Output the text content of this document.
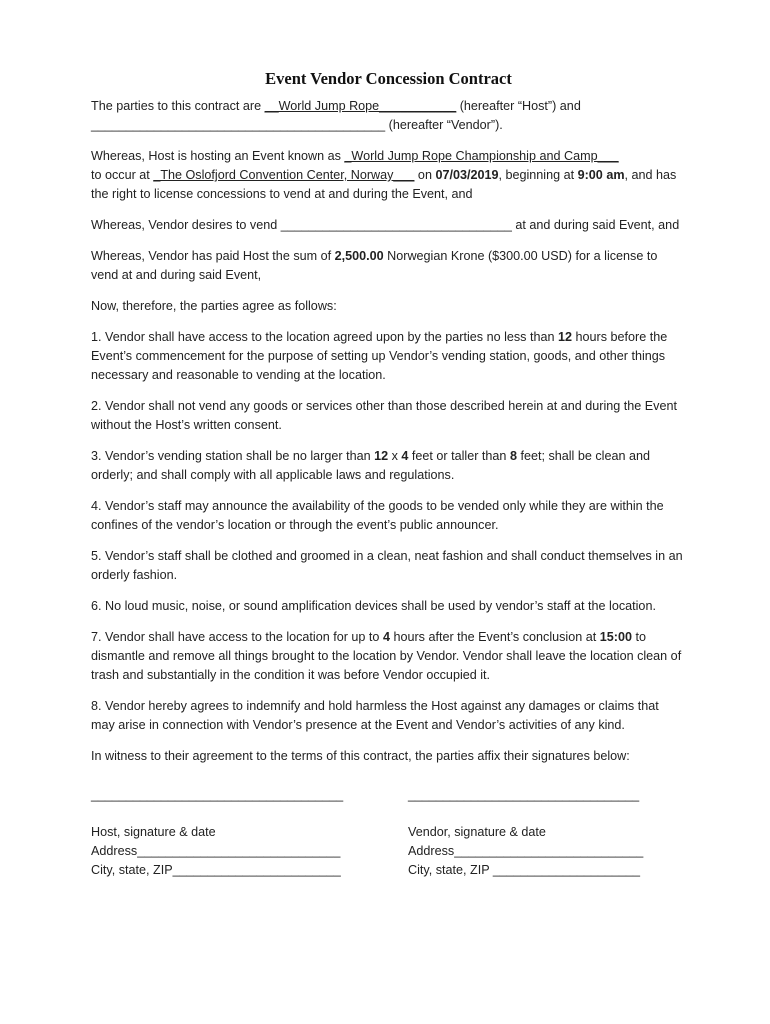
Event Vendor Concession Contract

The parties to this contract are __World Jump Rope___________ (hereafter “Host”) and
__________________________________________ (hereafter “Vendor”).

Whereas, Host is hosting an Event known as _World Jump Rope Championship and Camp___
to occur at _The Oslofjord Convention Center, Norway___ on 07/03/2019, beginning at 9:00 am, and has the right to license concessions to vend at and during the Event, and

Whereas, Vendor desires to vend _________________________________ at and during said Event, and

Whereas, Vendor has paid Host the sum of 2,500.00 Norwegian Krone ($300.00 USD) for a license to vend at and during said Event,

Now, therefore, the parties agree as follows:

1. Vendor shall have access to the location agreed upon by the parties no less than 12 hours before the Event’s commencement for the purpose of setting up Vendor’s vending station, goods, and other things necessary and reasonable to vending at the location.

2. Vendor shall not vend any goods or services other than those described herein at and during the Event without the Host’s written consent.

3. Vendor’s vending station shall be no larger than 12 x 4 feet or taller than 8 feet; shall be clean and orderly; and shall comply with all applicable laws and regulations.

4. Vendor’s staff may announce the availability of the goods to be vended only while they are within the confines of the vendor’s location or through the event’s public announcer.

5. Vendor’s staff shall be clothed and groomed in a clean, neat fashion and shall conduct themselves in an orderly fashion.

6. No loud music, noise, or sound amplification devices shall be used by vendor’s staff at the location.

7. Vendor shall have access to the location for up to 4 hours after the Event’s conclusion at 15:00 to dismantle and remove all things brought to the location by Vendor. Vendor shall leave the location clean of trash and substantially in the condition it was before Vendor occupied it.

8. Vendor hereby agrees to indemnify and hold harmless the Host against any damages or claims that may arise in connection with Vendor’s presence at the Event and Vendor’s activities of any kind.

In witness to their agreement to the terms of this contract, the parties affix their signatures below:

____________________________________	_________________________________
Host, signature & date	Vendor, signature & date
Address_____________________________	Address___________________________
City, state, ZIP________________________	City, state, ZIP _____________________
